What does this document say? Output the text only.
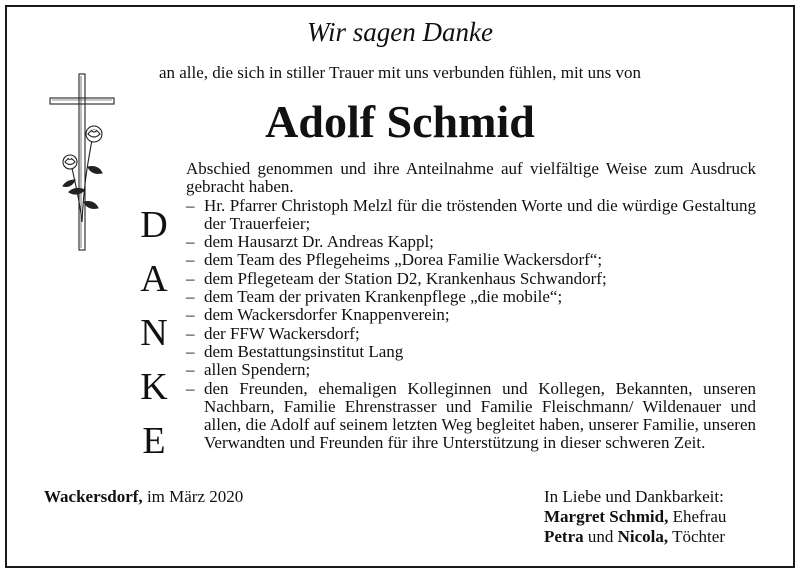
Wir sagen Danke
an alle, die sich in stiller Trauer mit uns verbunden fühlen, mit uns von
Adolf Schmid
D
A
N
K
E

Abschied genommen und ihre Anteilnahme auf vielfältige Weise zum Ausdruck gebracht haben.

– Hr. Pfarrer Christoph Melzl für die tröstenden Worte und die würdige Gestaltung der Trauerfeier;
– dem Hausarzt Dr. Andreas Kappl;
– dem Team des Pflegeheims „Dorea Familie Wackersdorf“;
– dem Pflegeteam der Station D2, Krankenhaus Schwandorf;
– dem Team der privaten Krankenpflege „die mobile“;
– dem Wackersdorfer Knappenverein;
– der FFW Wackersdorf;
– dem Bestattungsinstitut Lang
– allen Spendern;
– den Freunden, ehemaligen Kolleginnen und Kollegen, Bekannten, unseren Nachbarn, Familie Ehrenstrasser und Familie Fleischmann/ Wildenauer und allen, die Adolf auf seinem letzten Weg begleitet haben, unserer Familie, unseren Verwandten und Freunden für ihre Unterstützung in dieser schweren Zeit.
Wackersdorf, im März 2020	In Liebe und Dankbarkeit:
Margret Schmid, Ehefrau
Petra und Nicola, Töchter
